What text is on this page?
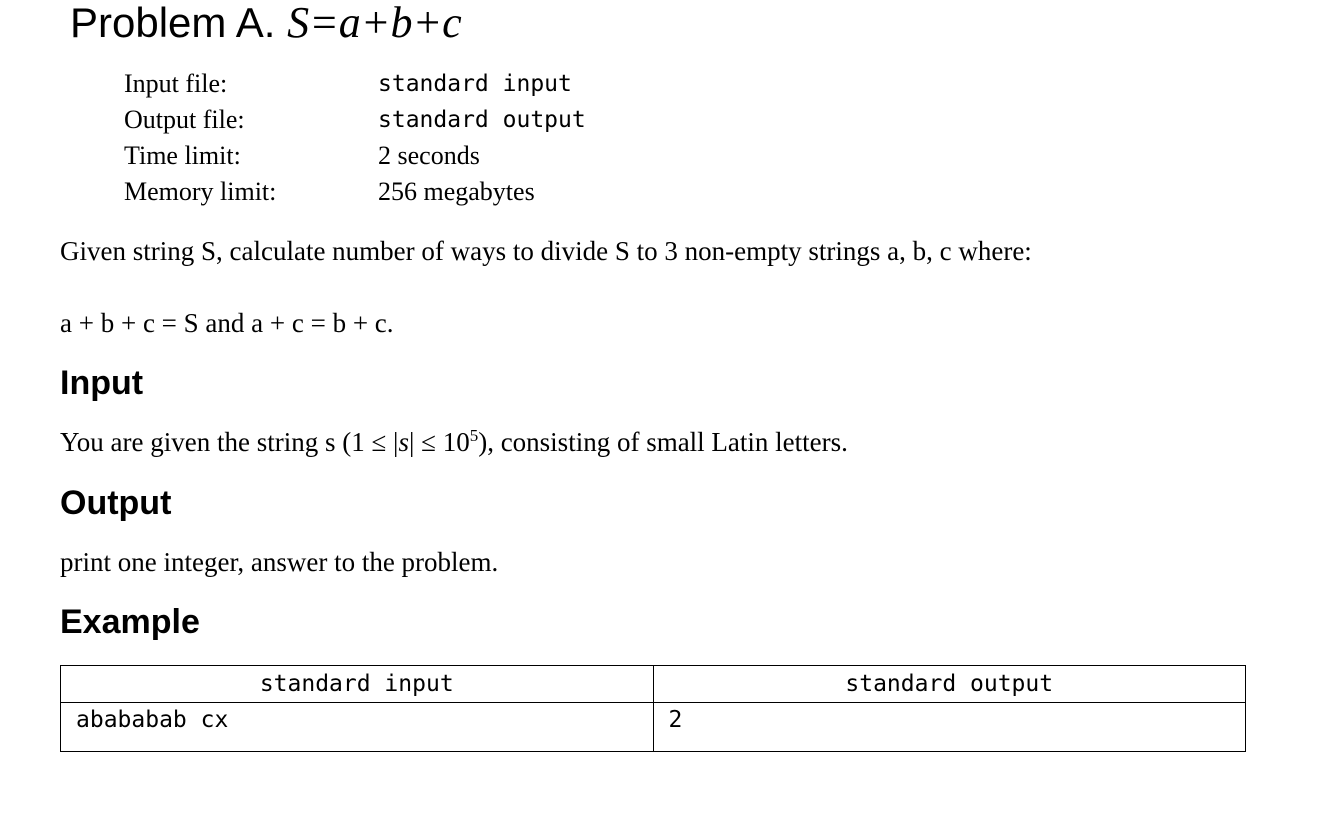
Problem A. S=a+b+c
Input file:	standard input
Output file:	standard output
Time limit:	2 seconds
Memory limit:	256 megabytes
Given string S, calculate number of ways to divide S to 3 non-empty strings a, b, c where:
a + b + c = S and a + c = b + c.
Input
You are given the string s $(1 \le |s| \le 10^5)$, consisting of small Latin letters.
Output
print one integer, answer to the problem.
Example
standard input	standard output
abababab cx	2
